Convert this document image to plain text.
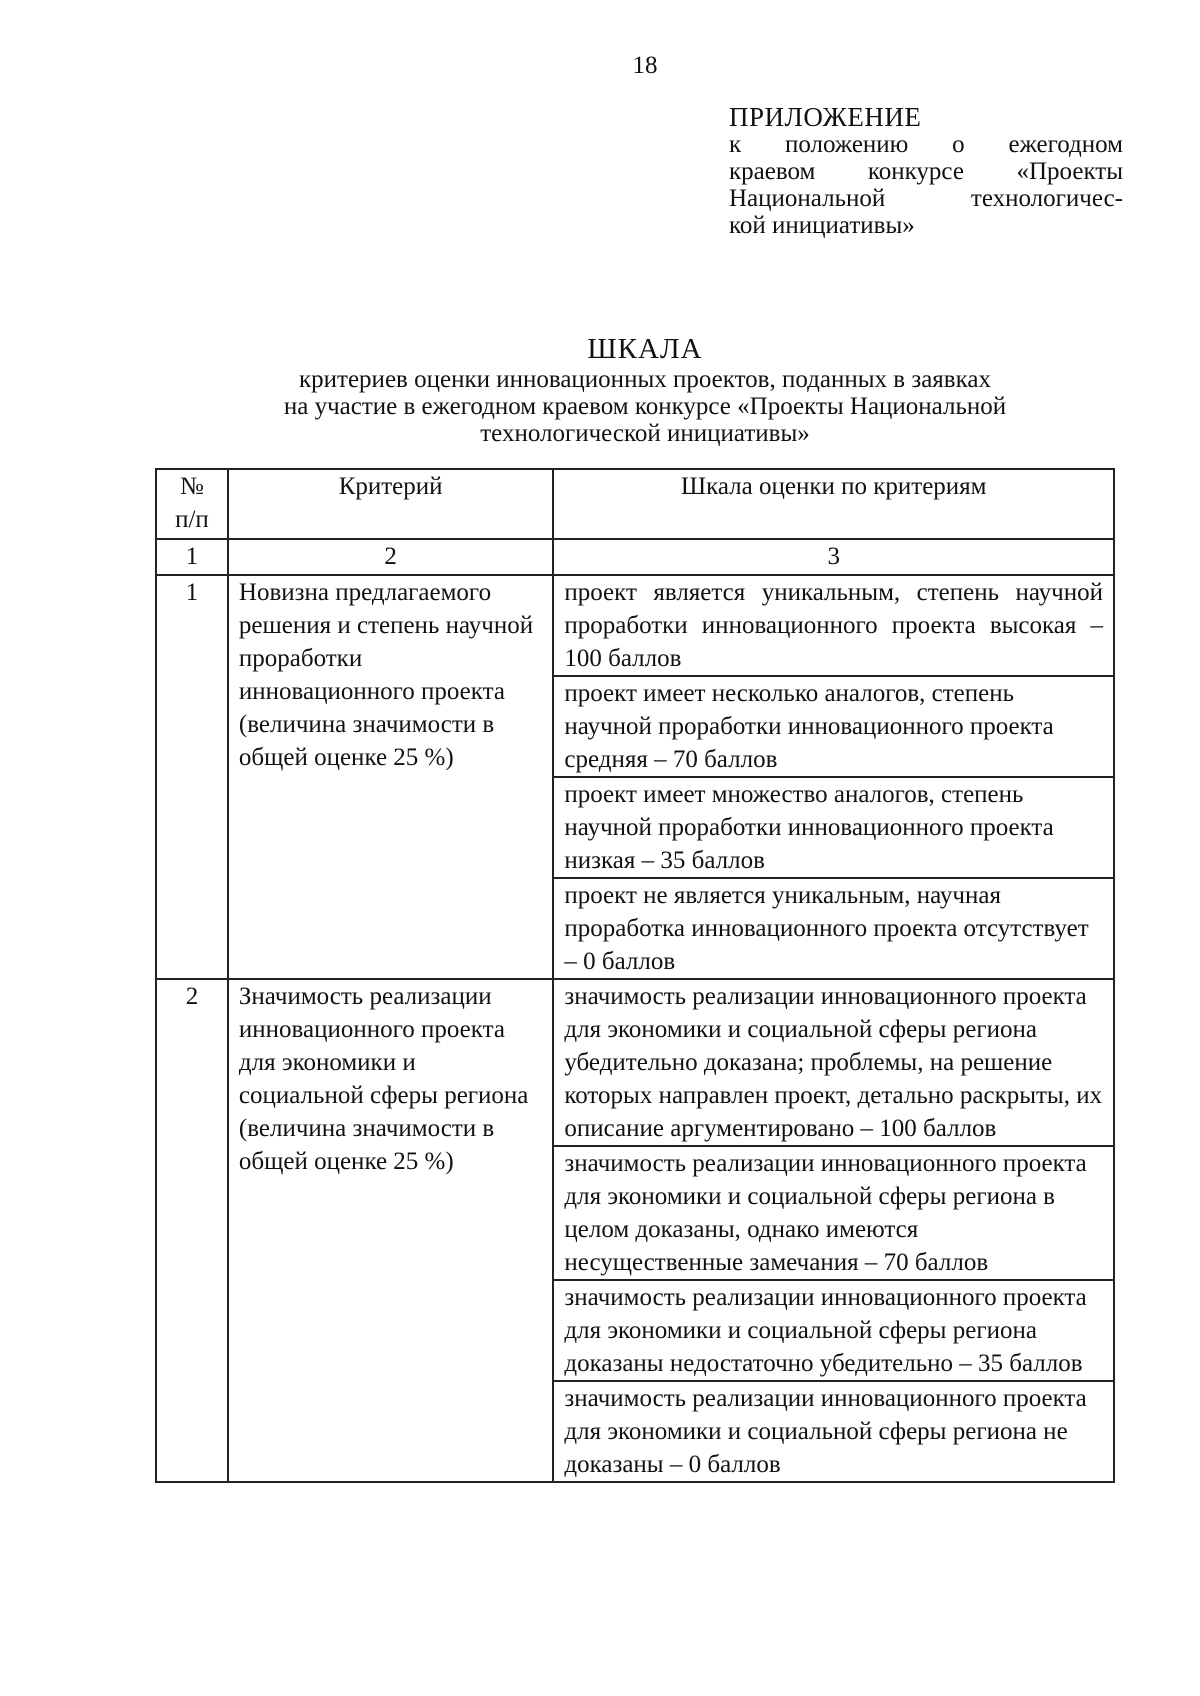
18
ПРИЛОЖЕНИЕ
к положению о ежегодном
краевом конкурсе «Проекты
Национальной технологичес-
кой инициативы»
ШКАЛА
критериев оценки инновационных проектов, поданных в заявках
на участие в ежегодном краевом конкурсе «Проекты Национальной
технологической инициативы»
№ п/п	Критерий	Шкала оценки по критериям
1	2	3
1	Новизна предлагаемого решения и степень научной проработки инновационного проекта (величина значимости в общей оценке 25 %)	проект является уникальным, степень научной проработки инновационного проекта высокая – 100 баллов
		проект имеет несколько аналогов, степень научной проработки инновационного проекта средняя – 70 баллов
		проект имеет множество аналогов, степень научной проработки инновационного проекта низкая – 35 баллов
		проект не является уникальным, научная проработка инновационного проекта отсутствует – 0 баллов
2	Значимость реализации инновационного проекта для экономики и социальной сферы региона (величина значимости в общей оценке 25 %)	значимость реализации инновационного проекта для экономики и социальной сферы региона убедительно доказана; проблемы, на решение которых направлен проект, детально раскрыты, их описание аргументировано – 100 баллов
		значимость реализации инновационного проекта для экономики и социальной сферы региона в целом доказаны, однако имеются несущественные замечания – 70 баллов
		значимость реализации инновационного проекта для экономики и социальной сферы региона доказаны недостаточно убедительно – 35 баллов
		значимость реализации инновационного проекта для экономики и социальной сферы региона не доказаны – 0 баллов
